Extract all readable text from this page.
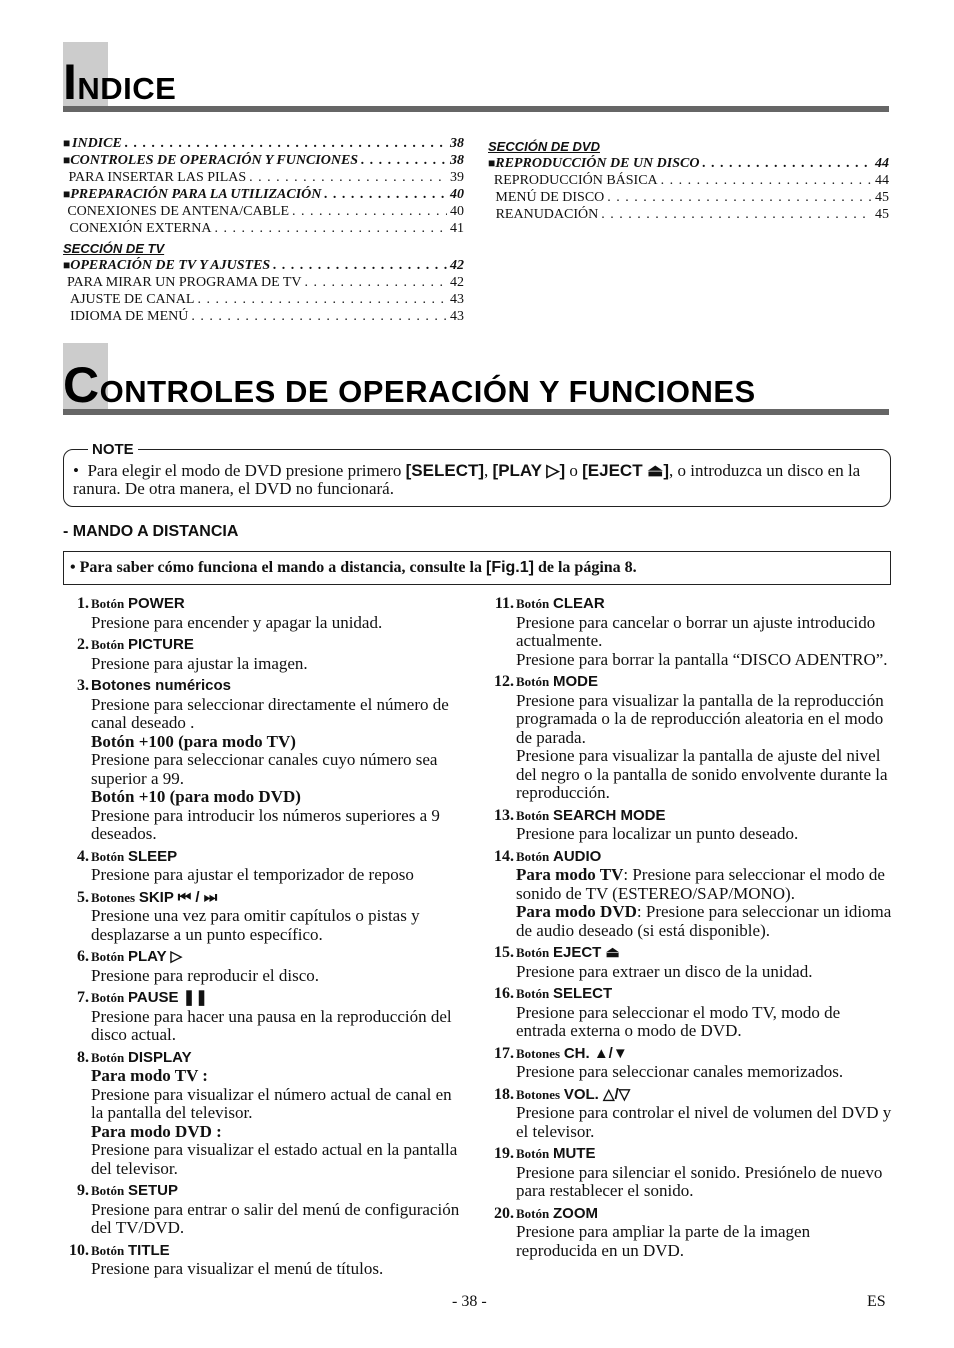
INDICE
■ INDICE . . .	38
■ CONTROLES DE OPERACIÓN Y FUNCIONES . . .	38
PARA INSERTAR LAS PILAS . . .	39
■ PREPARACIÓN PARA LA UTILIZACIÓN . . .	40
CONEXIONES DE ANTENA/CABLE . . .	40
CONEXIÓN EXTERNA . . .	41
SECCIÓN DE TV
■ OPERACIÓN DE TV Y AJUSTES . . .	42
PARA MIRAR UN PROGRAMA DE TV . . .	42
AJUSTE DE CANAL . . .	43
IDIOMA DE MENÚ . . .	43
SECCIÓN DE DVD
■ REPRODUCCIÓN DE UN DISCO . . .	44
REPRODUCCIÓN BÁSICA . . .	44
MENÚ DE DISCO . . .	45
REANUDACIÓN . . .	45
CONTROLES DE OPERACIÓN Y FUNCIONES
NOTE
• Para elegir el modo de DVD presione primero [SELECT], [PLAY ▷] o [EJECT ⏏], o introduzca un disco en la ranura. De otra manera, el DVD no funcionará.
- MANDO A DISTANCIA
• Para saber cómo funciona el mando a distancia, consulte la [Fig.1] de la página 8.
1. Botón POWER

Presione para encender y apagar la unidad.

2. Botón PICTURE

Presione para ajustar la imagen.

3. Botones numéricos

Presione para seleccionar directamente el número de canal deseado .

Botón +100 (para modo TV)

Presione para seleccionar canales cuyo número sea superior a 99.

Botón +10 (para modo DVD)

Presione para introducir los números superiores a 9 deseados.

4. Botón SLEEP

Presione para ajustar el temporizador de reposo

5. Botones SKIP ⏮ / ⏭

Presione una vez para omitir capítulos o pistas y desplazarse a un punto específico.

6. Botón PLAY ▷

Presione para reproducir el disco.

7. Botón PAUSE ❚❚

Presione para hacer una pausa en la reproducción del disco actual.

8. Botón DISPLAY

Para modo TV :

Presione para visualizar el número actual de canal en la pantalla del televisor.

Para modo DVD :

Presione para visualizar el estado actual en la pantalla del televisor.

9. Botón SETUP

Presione para entrar o salir del menú de configuración del TV/DVD.

10. Botón TITLE

Presione para visualizar el menú de títulos.

11. Botón CLEAR

Presione para cancelar o borrar un ajuste introducido actualmente.

Presione para borrar la pantalla “DISCO ADENTRO”.

12. Botón MODE

Presione para visualizar la pantalla de la reproducción programada o la de reproducción aleatoria en el modo de parada.

Presione para visualizar la pantalla de ajuste del nivel del negro o la pantalla de sonido envolvente durante la reproducción.

13. Botón SEARCH MODE

Presione para localizar un punto deseado.

14. Botón AUDIO

Para modo TV: Presione para seleccionar el modo de sonido de TV (ESTEREO/SAP/MONO).

Para modo DVD: Presione para seleccionar un idioma de audio deseado (si está disponible).

15. Botón EJECT ⏏

Presione para extraer un disco de la unidad.

16. Botón SELECT

Presione para seleccionar el modo TV, modo de entrada externa o modo de DVD.

17. Botones CH. ▲/▼

Presione para seleccionar canales memorizados.

18. Botones VOL. △/▽

Presione para controlar el nivel de volumen del DVD y el televisor.

19. Botón MUTE

Presione para silenciar el sonido. Presiónelo de nuevo para restablecer el sonido.

20. Botón ZOOM

Presione para ampliar la parte de la imagen reproducida en un DVD.

- 38 -	ES
